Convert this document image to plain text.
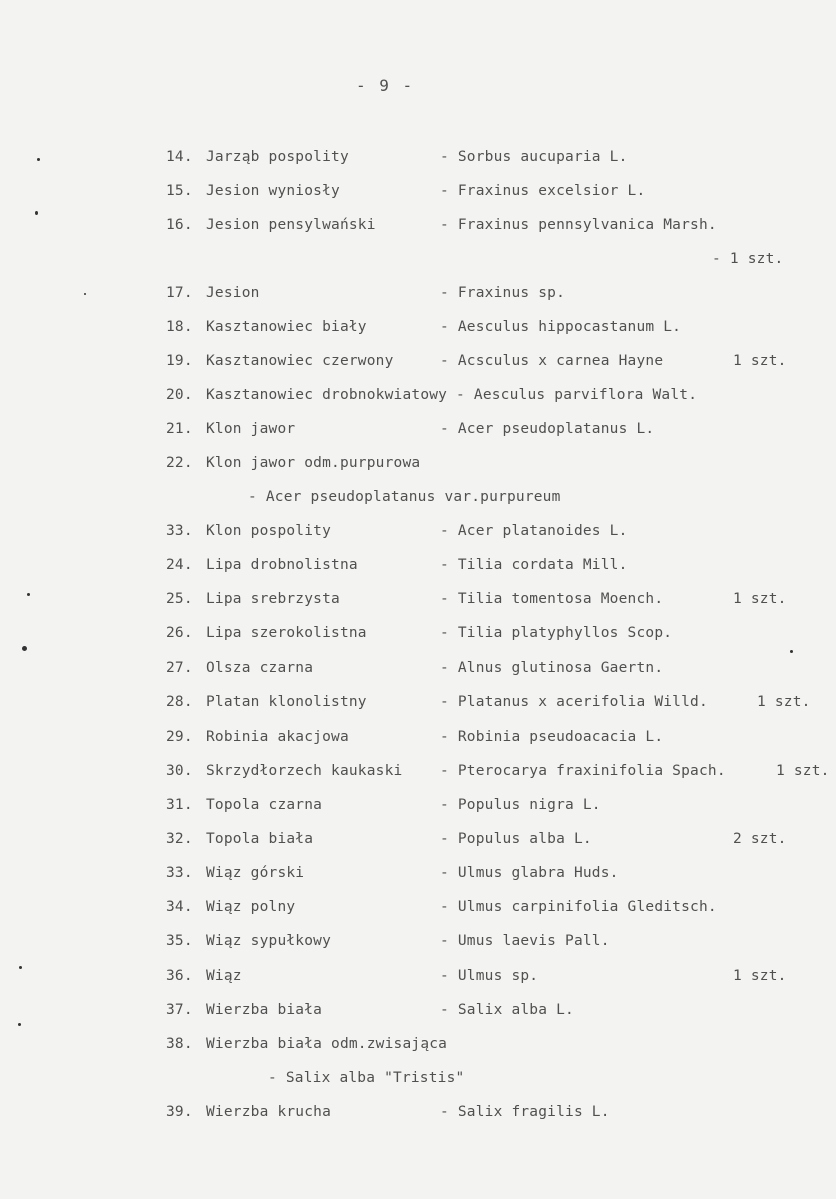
- 9 -
14. Jarząb pospolity	- Sorbus aucuparia L.
15. Jesion wyniosły	- Fraxinus excelsior L.
16. Jesion pensylwański	- Fraxinus pennsylvanica Marsh.
- 1 szt.
17. Jesion	- Fraxinus sp.
18. Kasztanowiec biały	- Aesculus hippocastanum L.
19. Kasztanowiec czerwony	- Acsculus x carnea Hayne	1 szt.
20. Kasztanowiec drobnokwiatowy - Aesculus parviflora Walt.
21. Klon jawor	- Acer pseudoplatanus L.
22. Klon jawor odm.purpurowa
- Acer pseudoplatanus var.purpureum
33. Klon pospolity	- Acer platanoides L.
24. Lipa drobnolistna	- Tilia cordata Mill.
25. Lipa srebrzysta	- Tilia tomentosa Moench.	1 szt.
26. Lipa szerokolistna	- Tilia platyphyllos Scop.
27. Olsza czarna	- Alnus glutinosa Gaertn.
28. Platan klonolistny	- Platanus x acerifolia Willd.	1 szt.
29. Robinia akacjowa	- Robinia pseudoacacia L.
30. Skrzydłorzech kaukaski	- Pterocarya fraxinifolia Spach.	1 szt.
31. Topola czarna	- Populus nigra L.
32. Topola biała	- Populus alba L.	2 szt.
33. Wiąz górski	- Ulmus glabra Huds.
34. Wiąz polny	- Ulmus carpinifolia Gleditsch.
35. Wiąz sypułkowy	- Umus laevis Pall.
36. Wiąz	- Ulmus sp.	1 szt.
37. Wierzba biała	- Salix alba L.
38. Wierzba biała odm.zwisająca
- Salix alba "Tristis"
39. Wierzba krucha	- Salix fragilis L.
